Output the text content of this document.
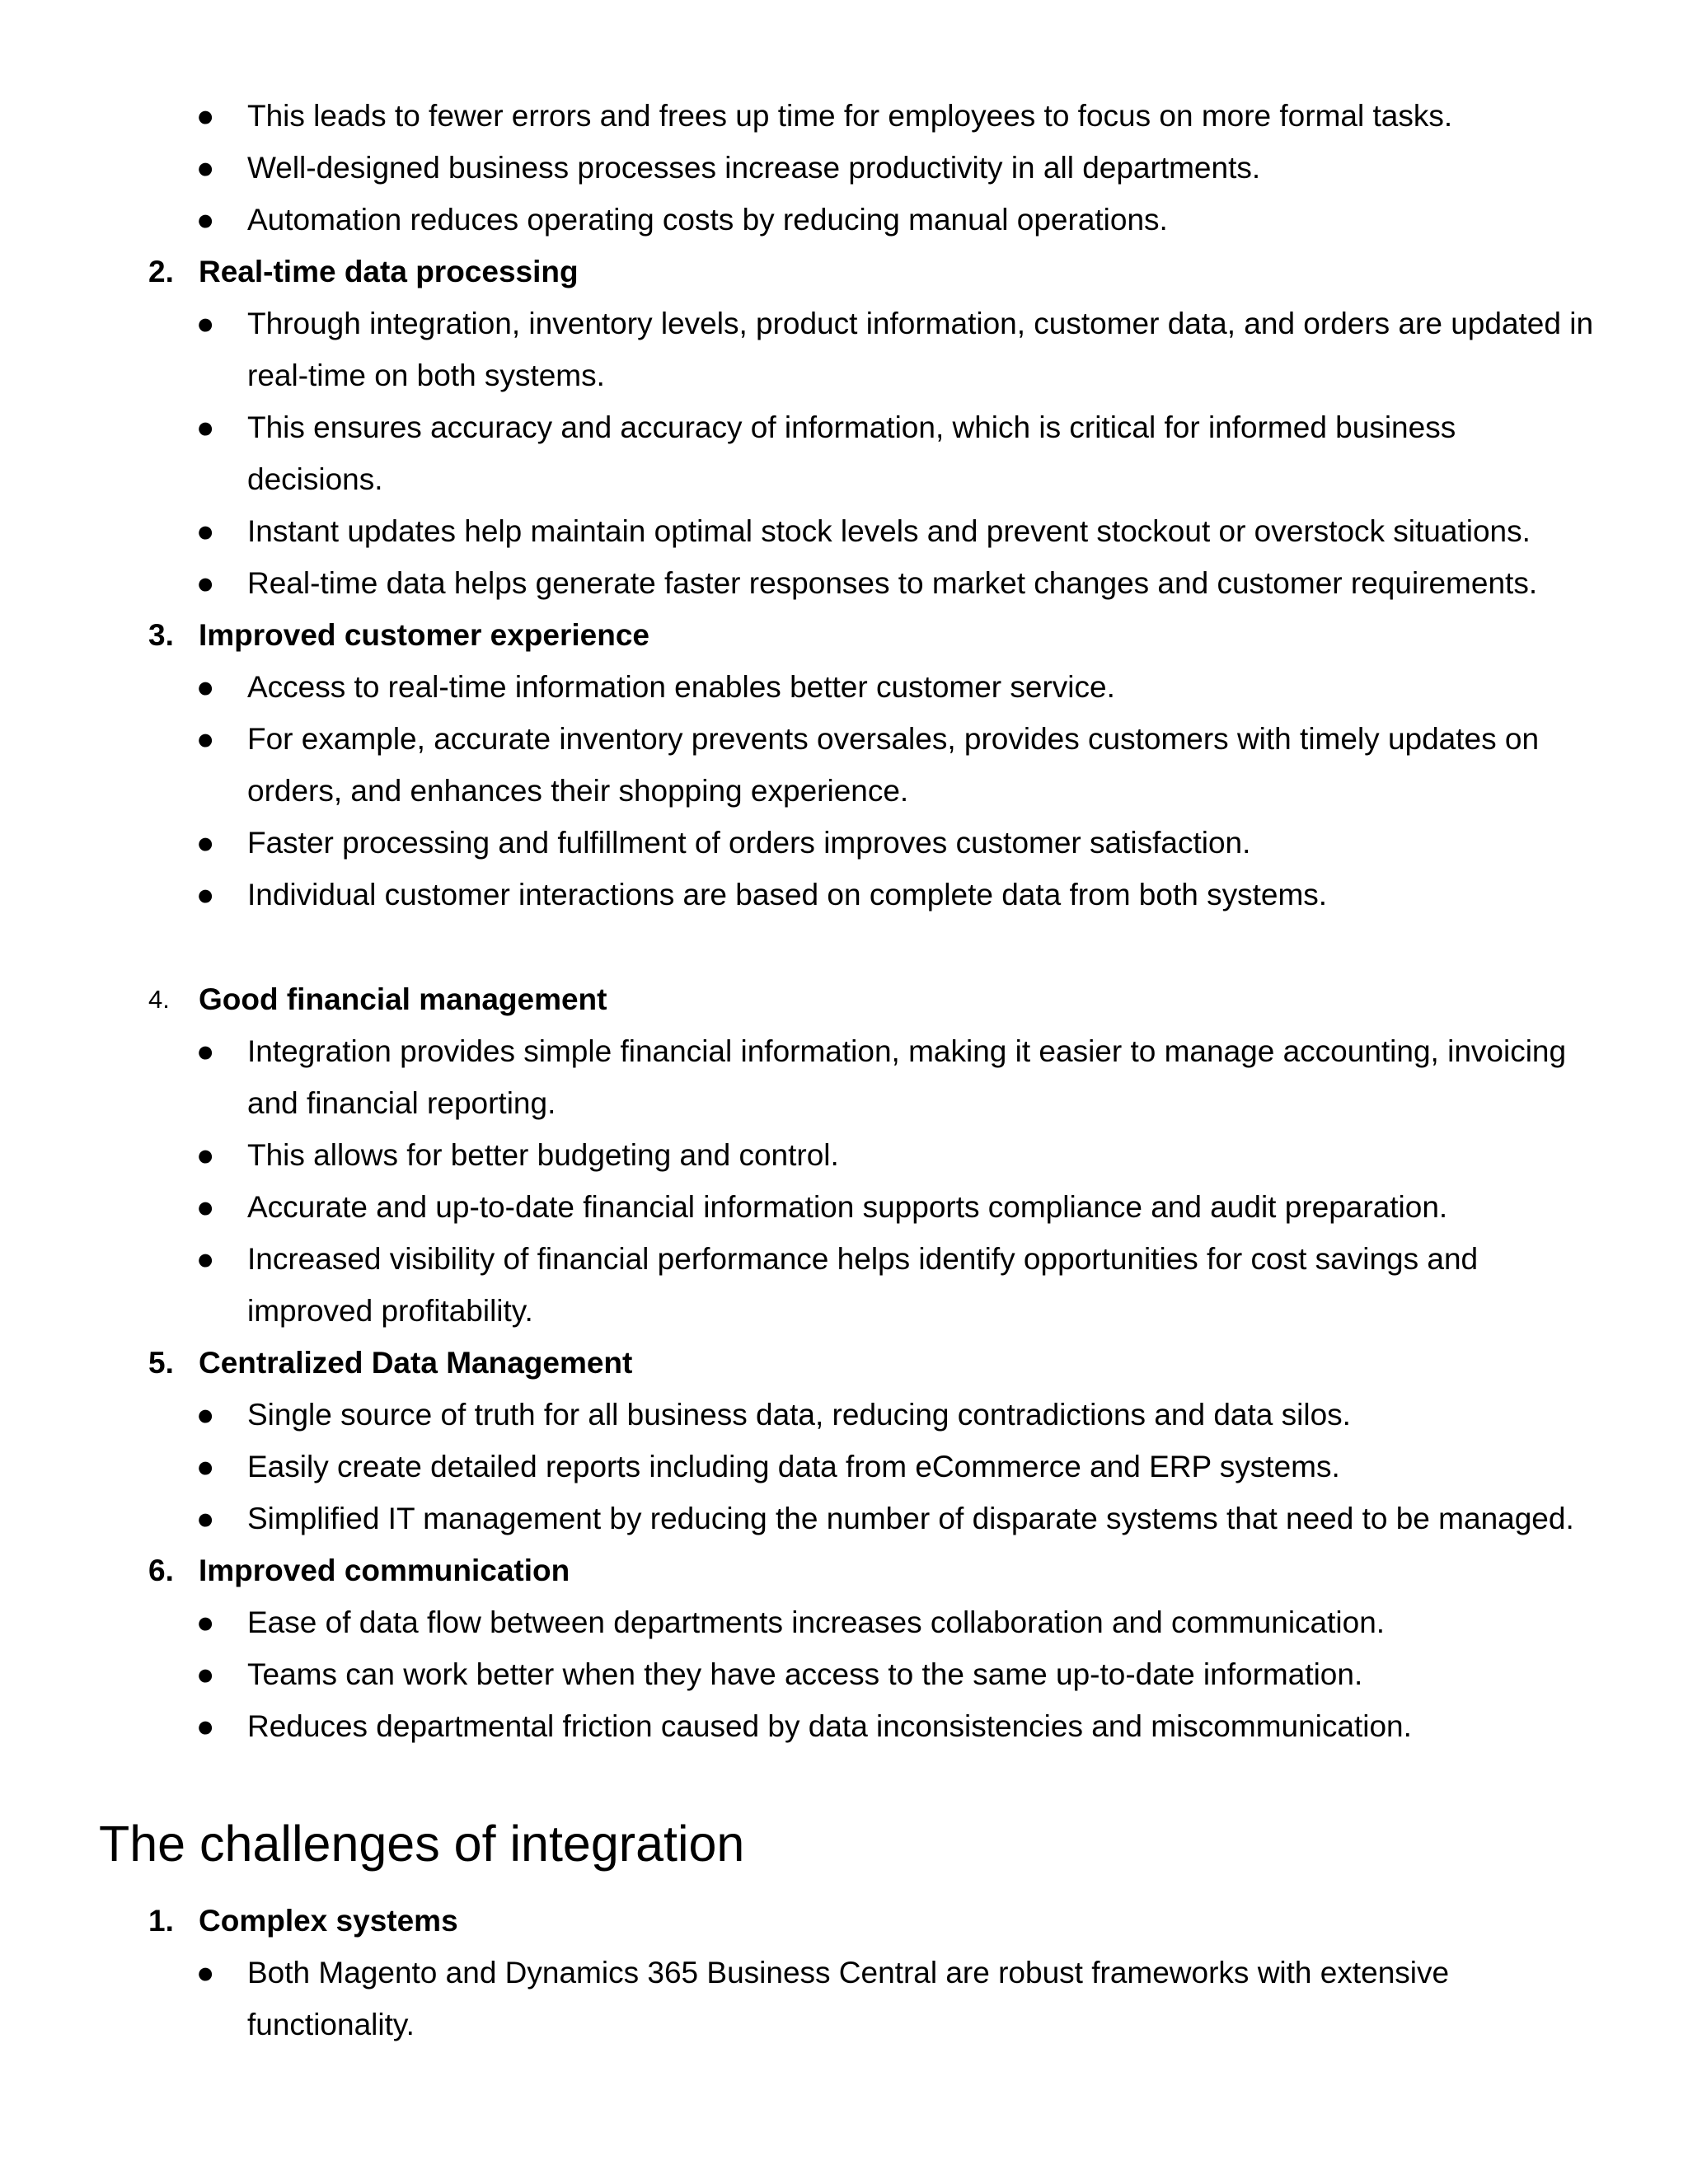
● This leads to fewer errors and frees up time for employees to focus on more formal tasks.
● Well-designed business processes increase productivity in all departments.
● Automation reduces operating costs by reducing manual operations.
2. Real-time data processing
● Through integration, inventory levels, product information, customer data, and orders are updated in real-time on both systems.
● This ensures accuracy and accuracy of information, which is critical for informed business decisions.
● Instant updates help maintain optimal stock levels and prevent stockout or overstock situations.
● Real-time data helps generate faster responses to market changes and customer requirements.
3. Improved customer experience
● Access to real-time information enables better customer service.
● For example, accurate inventory prevents oversales, provides customers with timely updates on orders, and enhances their shopping experience.
● Faster processing and fulfillment of orders improves customer satisfaction.
● Individual customer interactions are based on complete data from both systems.
4. Good financial management
● Integration provides simple financial information, making it easier to manage accounting, invoicing and financial reporting.
● This allows for better budgeting and control.
● Accurate and up-to-date financial information supports compliance and audit preparation.
● Increased visibility of financial performance helps identify opportunities for cost savings and improved profitability.
5. Centralized Data Management
● Single source of truth for all business data, reducing contradictions and data silos.
● Easily create detailed reports including data from eCommerce and ERP systems.
● Simplified IT management by reducing the number of disparate systems that need to be managed.
6. Improved communication
● Ease of data flow between departments increases collaboration and communication.
● Teams can work better when they have access to the same up-to-date information.
● Reduces departmental friction caused by data inconsistencies and miscommunication.
The challenges of integration
1. Complex systems
● Both Magento and Dynamics 365 Business Central are robust frameworks with extensive functionality.
